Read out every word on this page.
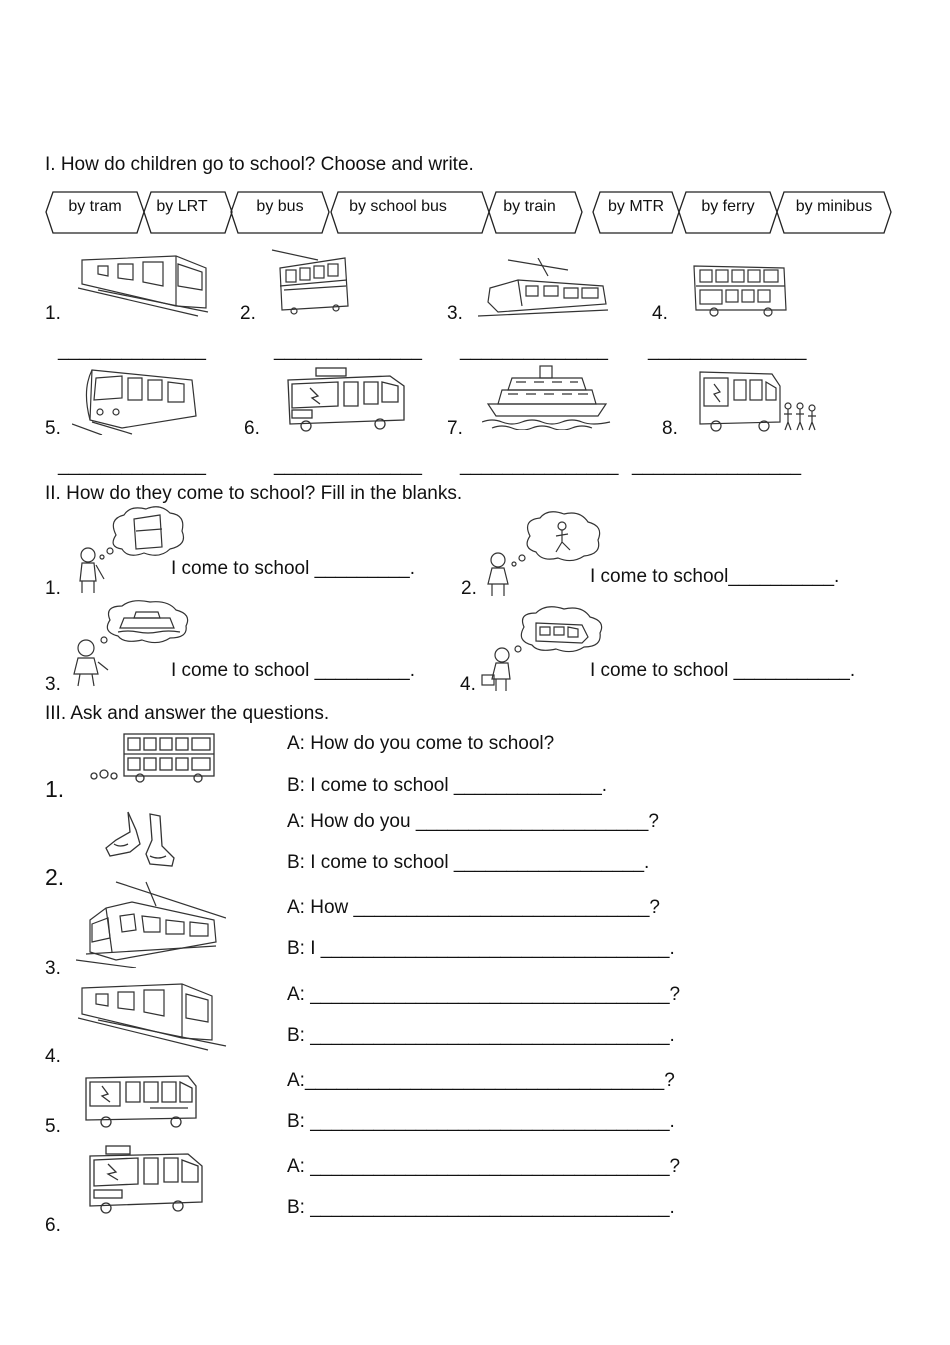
I. How do children go to school? Choose and write.
by tram	by LRT	by bus	by school bus	by train	by MTR	by ferry	by minibus
1.	2.	3.	4.
______________	______________ ______________ _______________
5.	6.	7.	8.
______________	______________ _______________ ________________
II. How do they come to school? Fill in the blanks.
1.
I come to school _________.
2.
I come to school__________.
3.
I come to school _________.
4.
I come to school ___________.
III. Ask and answer the questions.
1.
A: How do you come to school?
B: I come to school ______________.
2.
A: How do you ______________________?
B: I come to school __________________.
3.
A: How ____________________________?
B: I _________________________________.
4.
A: __________________________________?
B: __________________________________.
5.
A:__________________________________?
B: __________________________________.
6.
A: __________________________________?
B: __________________________________.
